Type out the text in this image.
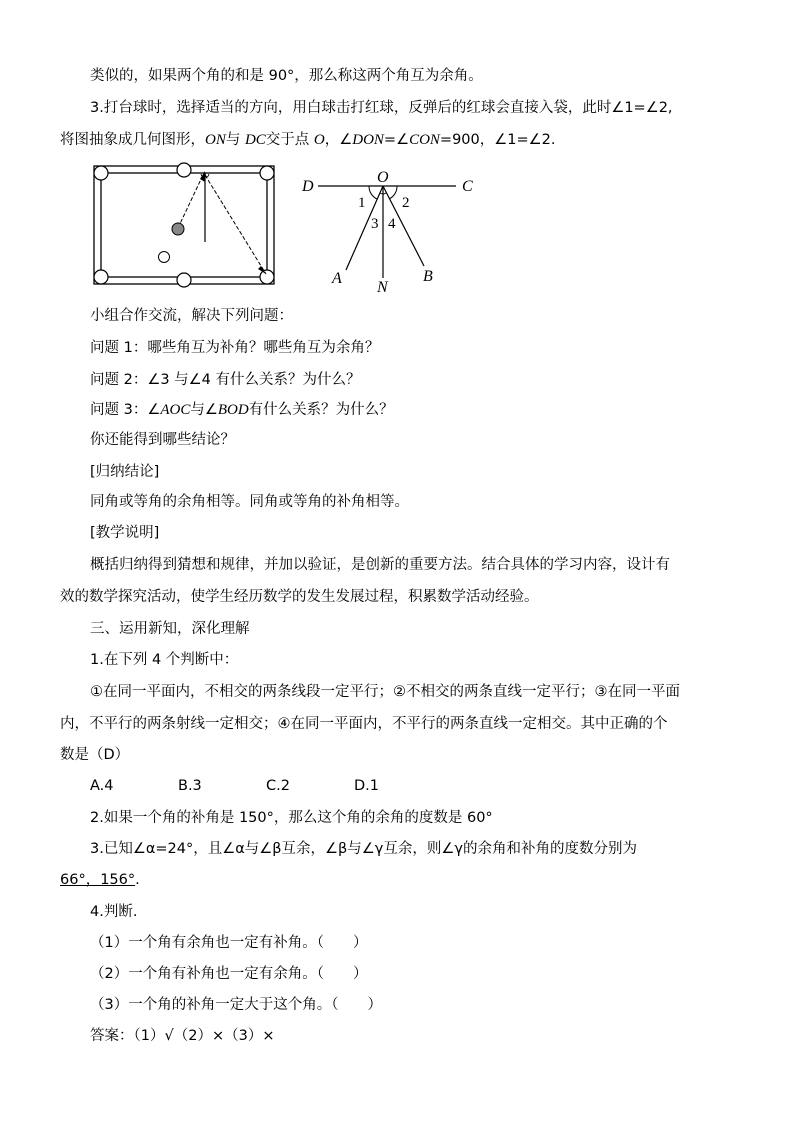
类似的，如果两个角的和是 90°，那么称这两个角互为余角。
3.打台球时，选择适当的方向，用白球击打红球，反弹后的红球会直接入袋，此时∠1=∠2,
将图抽象成几何图形，ON与 DC交于点 O，∠DON=∠CON=900，∠1=∠2.
D
O
C
1 2
3 4
A
N
B
小组合作交流，解决下列问题：
问题 1：哪些角互为补角？哪些角互为余角？
问题 2：∠3 与∠4 有什么关系？为什么？
问题 3：∠AOC与∠BOD有什么关系？为什么？
你还能得到哪些结论？
[归纳结论]
同角或等角的余角相等。同角或等角的补角相等。
[教学说明]
概括归纳得到猜想和规律，并加以验证，是创新的重要方法。结合具体的学习内容，设计有
效的数学探究活动，使学生经历数学的发生发展过程，积累数学活动经验。
三、运用新知，深化理解
1.在下列 4 个判断中：
①在同一平面内，不相交的两条线段一定平行；②不相交的两条直线一定平行；③在同一平面
内，不平行的两条射线一定相交；④在同一平面内，不平行的两条直线一定相交。其中正确的个
数是（D）
A.4	B.3	C.2	D.1
2.如果一个角的补角是 150°，那么这个角的余角的度数是 60°
3.已知∠α=24°，且∠α与∠β互余，∠β与∠γ互余，则∠γ的余角和补角的度数分别为
66°，156°.
4.判断.
（1）一个角有余角也一定有补角。（　　）
（2）一个角有补角也一定有余角。（　　）
（3）一个角的补角一定大于这个角。（　　）
答案：（1）√（2）×（3）×
